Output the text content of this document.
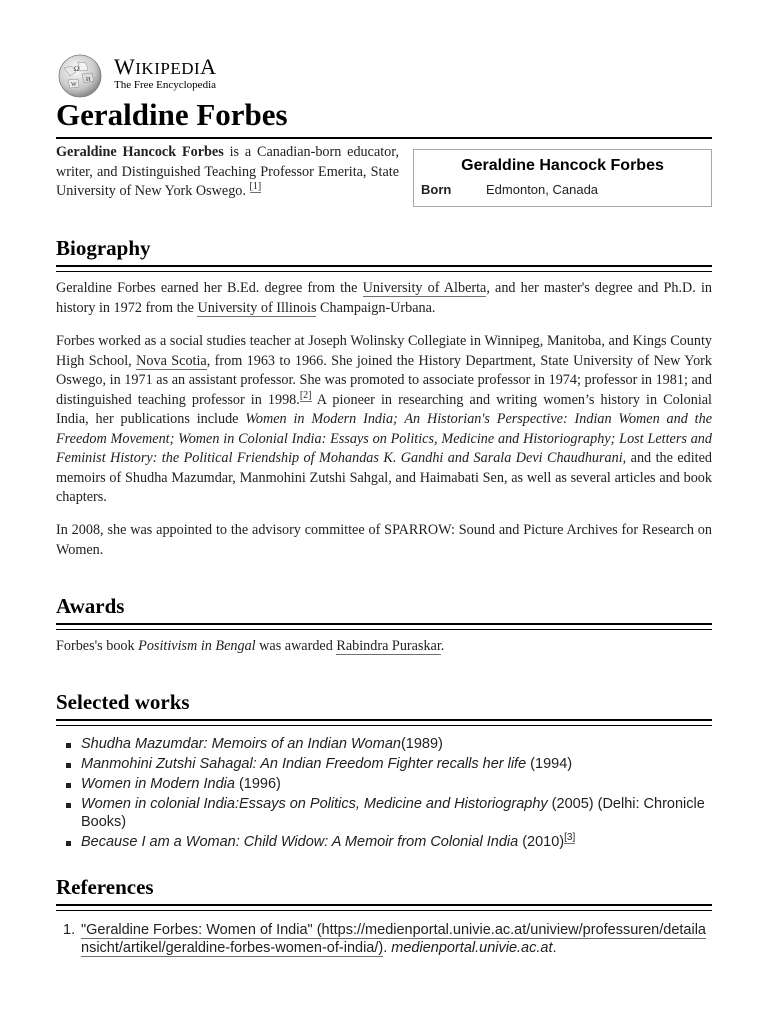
Ω
И
W
WIKIPEDIA
The Free Encyclopedia
Geraldine Forbes
Geraldine Hancock Forbes
Born	Edmonton, Canada
Geraldine Hancock Forbes is a Canadian-born educator, writer, and Distinguished Teaching Professor Emerita, State University of New York Oswego. [1]
Biography
Geraldine Forbes earned her B.Ed. degree from the University of Alberta, and her master's degree and Ph.D. in history in 1972 from the University of Illinois Champaign-Urbana.
Forbes worked as a social studies teacher at Joseph Wolinsky Collegiate in Winnipeg, Manitoba, and Kings County High School, Nova Scotia, from 1963 to 1966. She joined the History Department, State University of New York Oswego, in 1971 as an assistant professor. She was promoted to associate professor in 1974; professor in 1981; and distinguished teaching professor in 1998.[2] A pioneer in researching and writing women’s history in Colonial India, her publications include Women in Modern India; An Historian's Perspective: Indian Women and the Freedom Movement; Women in Colonial India: Essays on Politics, Medicine and Historiography; Lost Letters and Feminist History: the Political Friendship of Mohandas K. Gandhi and Sarala Devi Chaudhurani, and the edited memoirs of Shudha Mazumdar, Manmohini Zutshi Sahgal, and Haimabati Sen, as well as several articles and book chapters.
In 2008, she was appointed to the advisory committee of SPARROW: Sound and Picture Archives for Research on Women.
Awards
Forbes's book Positivism in Bengal was awarded Rabindra Puraskar.
Selected works
Shudha Mazumdar: Memoirs of an Indian Woman(1989)
Manmohini Zutshi Sahagal: An Indian Freedom Fighter recalls her life (1994)
Women in Modern India (1996)
Women in colonial India:Essays on Politics, Medicine and Historiography (2005) (Delhi: Chronicle Books)
Because I am a Woman: Child Widow: A Memoir from Colonial India (2010)[3]
References
1. "Geraldine Forbes: Women of India" (https://medienportal.univie.ac.at/uniview/professuren/detailansicht/artikel/geraldine-forbes-women-of-india/). medienportal.univie.ac.at.
